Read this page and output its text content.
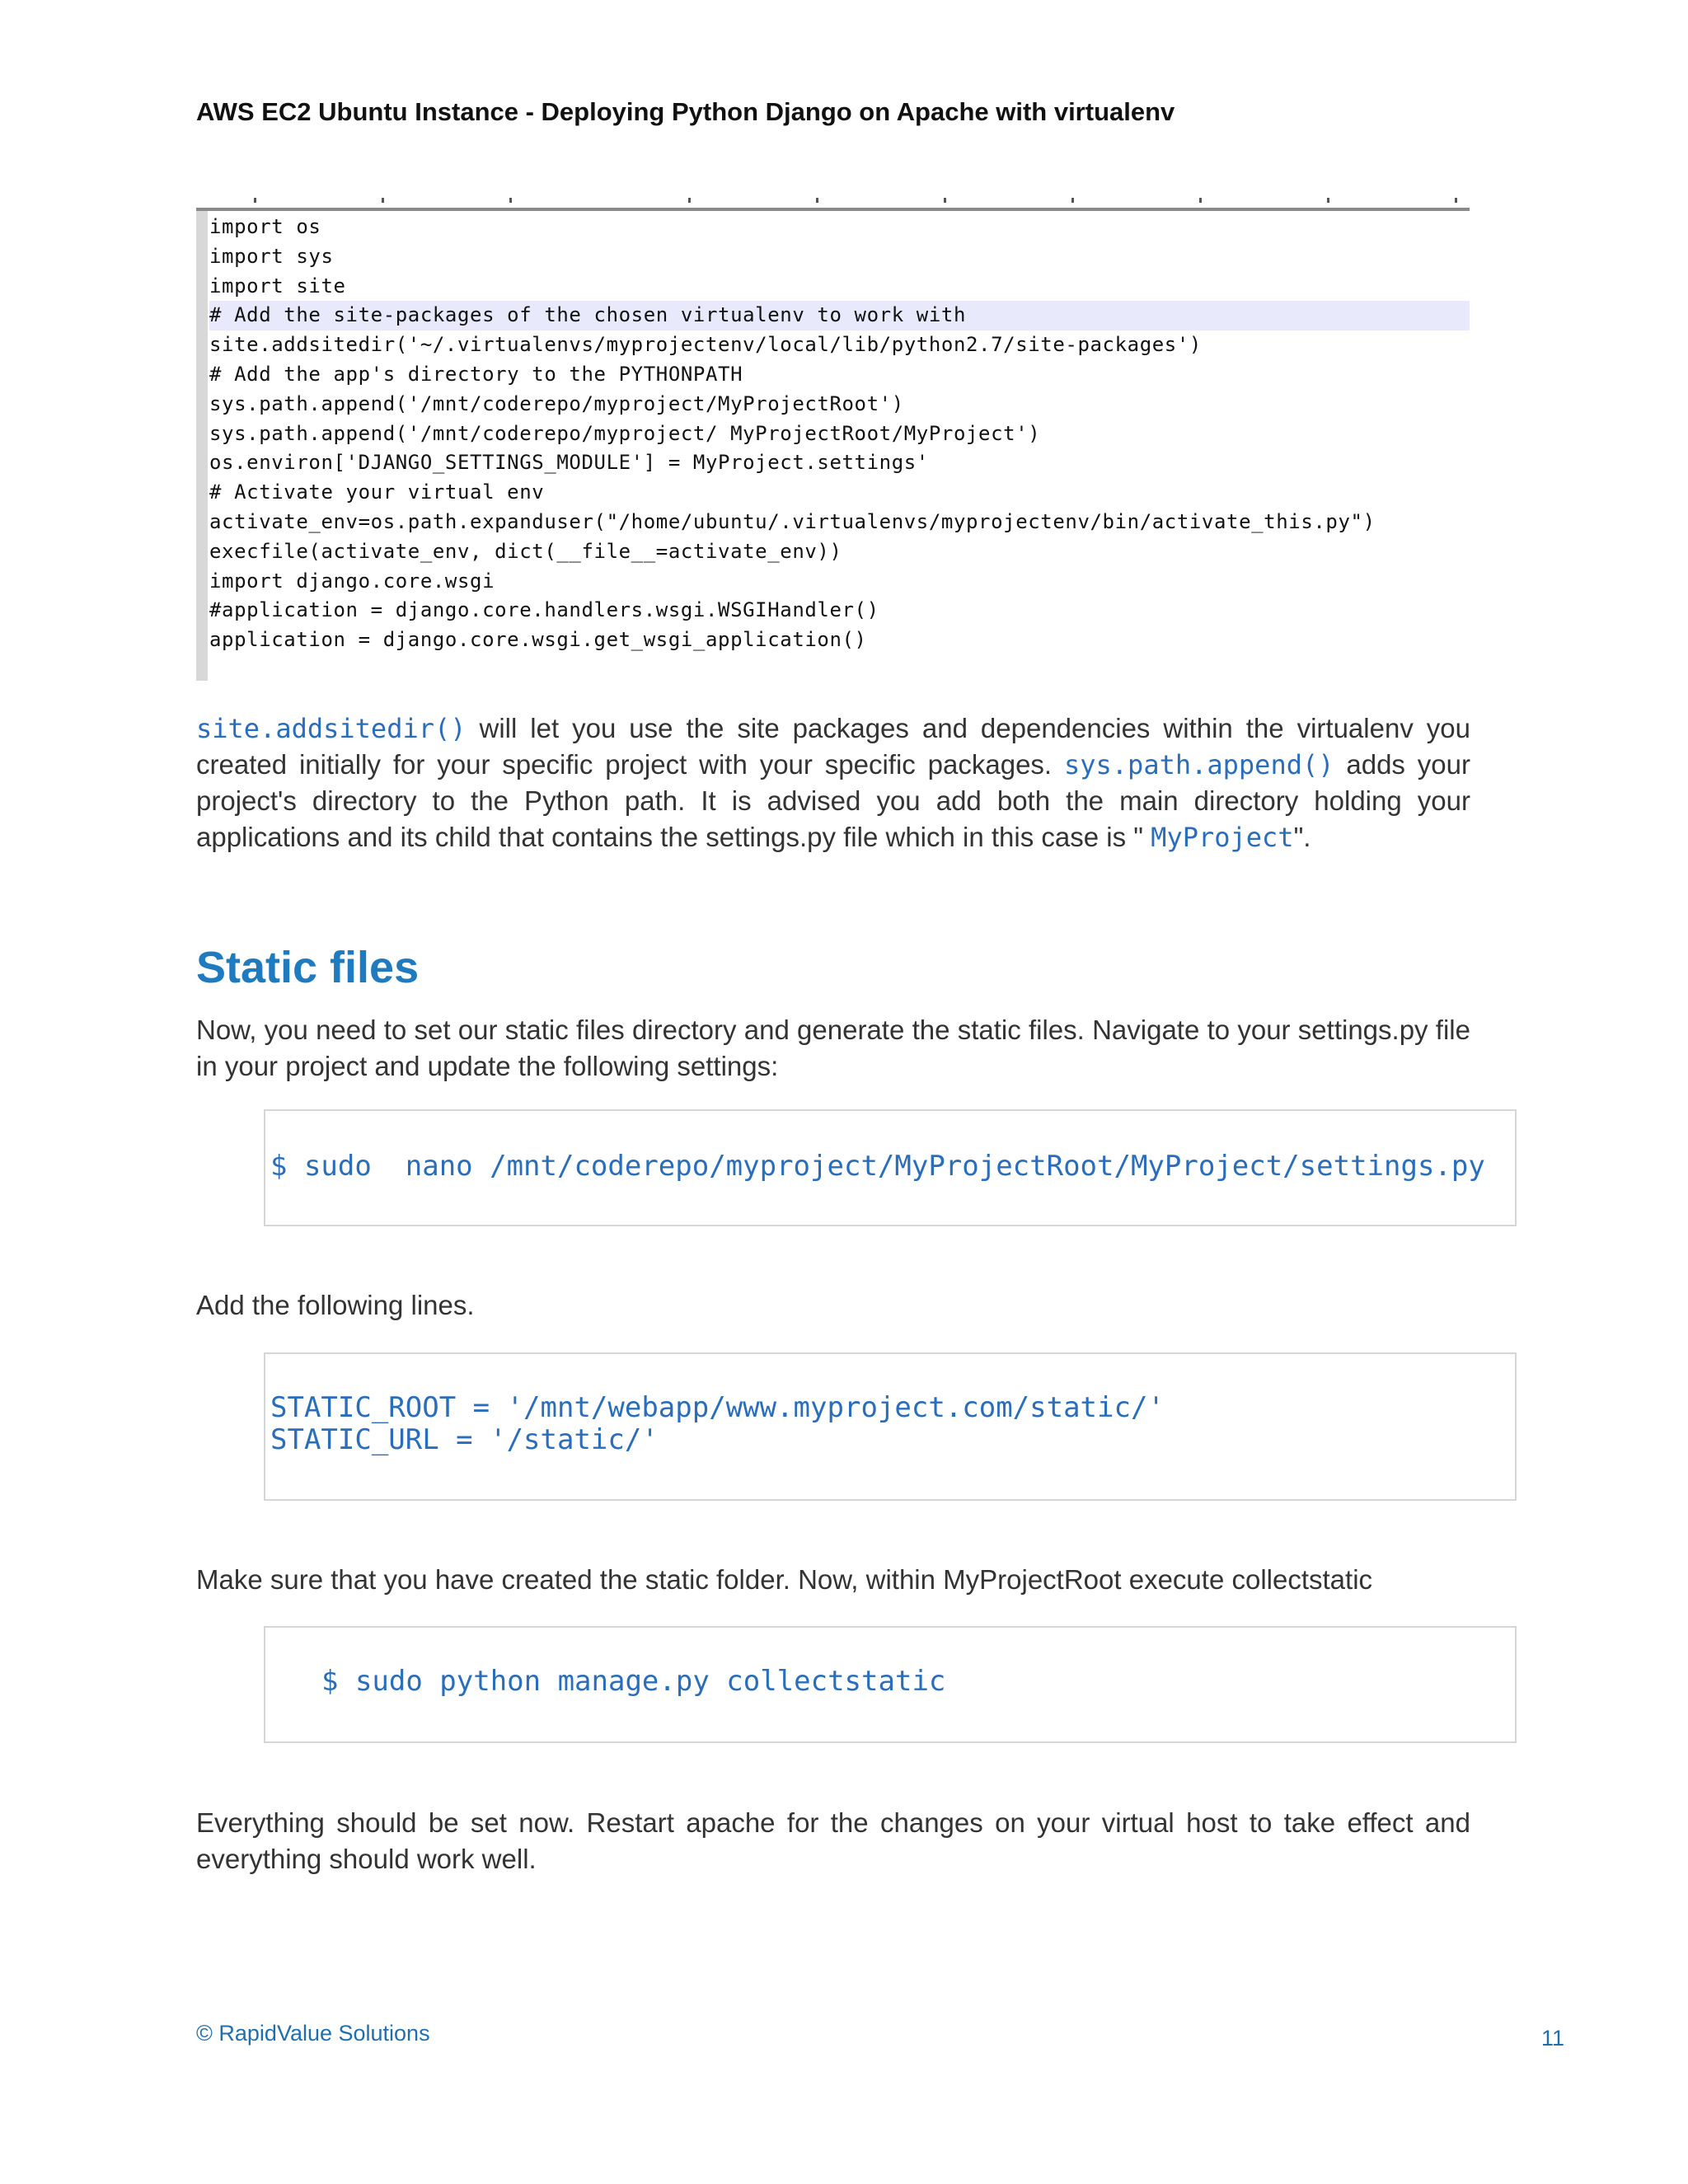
AWS EC2 Ubuntu Instance - Deploying Python Django on Apache with virtualenv
import os
import sys
import site
# Add the site-packages of the chosen virtualenv to work with
site.addsitedir('~/.virtualenvs/myprojectenv/local/lib/python2.7/site-packages')
# Add the app's directory to the PYTHONPATH
sys.path.append('/mnt/coderepo/myproject/MyProjectRoot')
sys.path.append('/mnt/coderepo/myproject/ MyProjectRoot/MyProject')
os.environ['DJANGO_SETTINGS_MODULE'] = MyProject.settings'
# Activate your virtual env
activate_env=os.path.expanduser("/home/ubuntu/.virtualenvs/myprojectenv/bin/activate_this.py")
execfile(activate_env, dict(__file__=activate_env))
import django.core.wsgi
#application = django.core.handlers.wsgi.WSGIHandler()
application = django.core.wsgi.get_wsgi_application()
site.addsitedir() will let you use the site packages and dependencies within the virtualenv you created initially for your specific project with your specific packages. sys.path.append() adds your project's directory to the Python path. It is advised you add both the main directory holding your applications and its child that contains the settings.py file which in this case is " MyProject".
Static files
Now, you need to set our static files directory and generate the static files. Navigate to your settings.py file in your project and update the following settings:
$ sudo  nano /mnt/coderepo/myproject/MyProjectRoot/MyProject/settings.py
Add the following lines.
STATIC_ROOT = '/mnt/webapp/www.myproject.com/static/'
STATIC_URL = '/static/'
Make sure that you have created the static folder. Now, within MyProjectRoot execute collectstatic
$ sudo python manage.py collectstatic
Everything should be set now. Restart apache for the changes on your virtual host to take effect and everything should work well.
© RapidValue Solutions	11
